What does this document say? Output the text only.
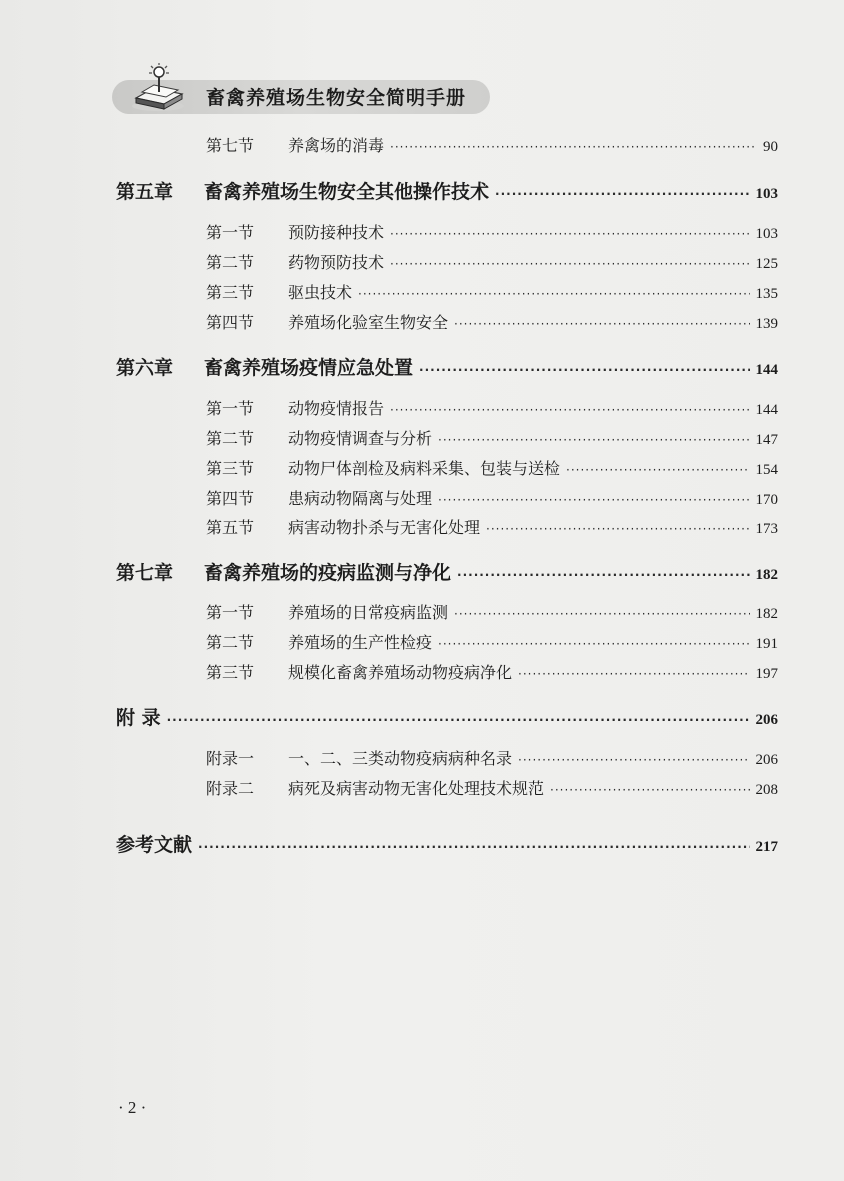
畜禽养殖场生物安全简明手册
第七节	养禽场的消毒 ·····	90
第五章	畜禽养殖场生物安全其他操作技术 ·····	103
第一节	预防接种技术 ·····	103
第二节	药物预防技术 ·····	125
第三节	驱虫技术 ·····	135
第四节	养殖场化验室生物安全 ·····	139
第六章	畜禽养殖场疫情应急处置 ·····	144
第一节	动物疫情报告 ·····	144
第二节	动物疫情调查与分析 ·····	147
第三节	动物尸体剖检及病料采集、包装与送检 ·····	154
第四节	患病动物隔离与处理 ·····	170
第五节	病害动物扑杀与无害化处理 ·····	173
第七章	畜禽养殖场的疫病监测与净化 ·····	182
第一节	养殖场的日常疫病监测 ·····	182
第二节	养殖场的生产性检疫 ·····	191
第三节	规模化畜禽养殖场动物疫病净化 ·····	197
附 录 ·····	206
附录一	一、二、三类动物疫病病种名录 ·····	206
附录二	病死及病害动物无害化处理技术规范 ·····	208
参考文献 ·····	217
· 2 ·
